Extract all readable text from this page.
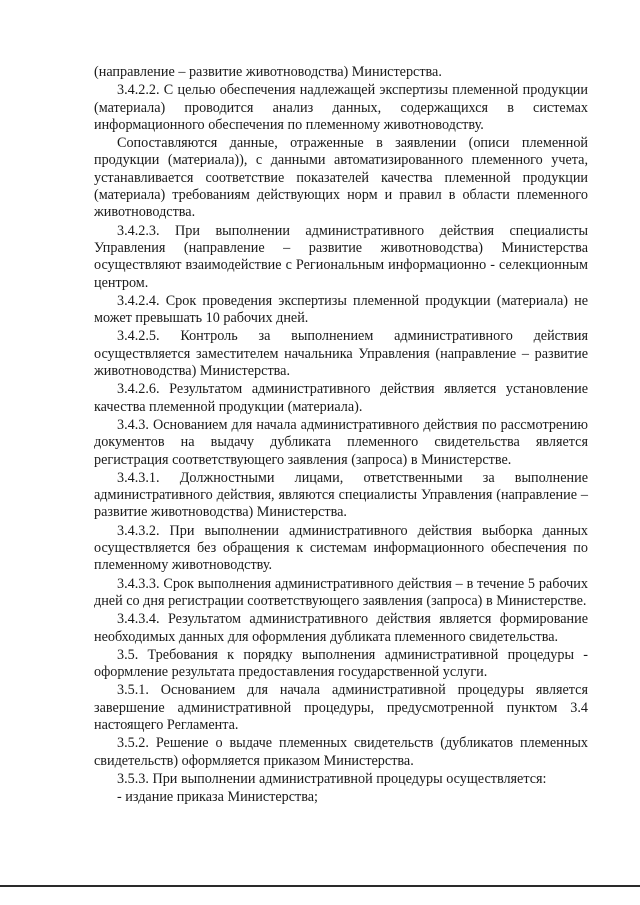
(направление – развитие животноводства) Министерства.

3.4.2.2. С целью обеспечения надлежащей экспертизы племенной продукции (материала) проводится анализ данных, содержащихся в системах информационного обеспечения по племенному животноводству.

Сопоставляются данные, отраженные в заявлении (описи племенной продукции (материала)), с данными автоматизированного племенного учета, устанавливается соответствие показателей качества племенной продукции (материала) требованиям действующих норм и правил в области племенного животноводства.

3.4.2.3. При выполнении административного действия специалисты Управления (направление – развитие животноводства) Министерства осуществляют взаимодействие с Региональным информационно - селекционным центром.

3.4.2.4. Срок проведения экспертизы племенной продукции (материала) не может превышать 10 рабочих дней.

3.4.2.5. Контроль за выполнением административного действия осуществляется заместителем начальника Управления (направление – развитие животноводства) Министерства.

3.4.2.6. Результатом административного действия является установление качества племенной продукции (материала).

3.4.3. Основанием для начала административного действия по рассмотрению документов на выдачу дубликата племенного свидетельства является регистрация соответствующего заявления (запроса) в Министерстве.

3.4.3.1. Должностными лицами, ответственными за выполнение административного действия, являются специалисты Управления (направление – развитие животноводства) Министерства.

3.4.3.2. При выполнении административного действия выборка данных осуществляется без обращения к системам информационного обеспечения по племенному животноводству.

3.4.3.3. Срок выполнения административного действия – в течение 5 рабочих дней со дня регистрации соответствующего заявления (запроса) в Министерстве.

3.4.3.4. Результатом административного действия является формирование необходимых данных для оформления дубликата племенного свидетельства.

3.5. Требования к порядку выполнения административной процедуры - оформление результата предоставления государственной услуги.

3.5.1. Основанием для начала административной процедуры является завершение административной процедуры, предусмотренной пунктом 3.4 настоящего Регламента.

3.5.2. Решение о выдаче племенных свидетельств (дубликатов племенных свидетельств) оформляется приказом Министерства.

3.5.3. При выполнении административной процедуры осуществляется:

- издание приказа Министерства;
